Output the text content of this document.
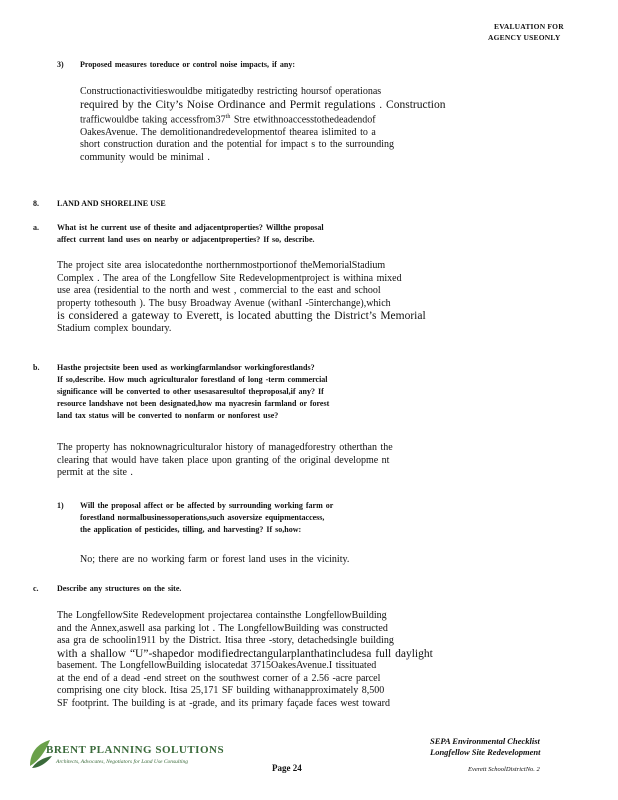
EVALUATION FOR
AGENCY USEONLY
3) Proposed measures toreduce or control noise impacts, if any:
Constructionactivitieswouldbe mitigatedby restricting hoursof operationas
required by the City’s Noise Ordinance and Permit regulations . Construction
trafficwouldbe taking accessfrom37th Stre etwithnoaccesstothedeadendof
OakesAvenue. The demolitionandredevelopmentof thearea islimited to a
short construction duration and the potential for impact s to the surrounding
community would be minimal .
8. LAND AND SHORELINE USE
a. What ist he current use of thesite and adjacentproperties? Willthe proposal
affect current land uses on nearby or adjacentproperties? If so, describe.
The project site area islocatedonthe northernmostportionof theMemorialStadium
Complex . The area of the Longfellow Site Redevelopmentproject is withina mixed
use area (residential to the north and west , commercial to the east and school
property tothesouth ). The busy Broadway Avenue (withanI -5interchange),which
is considered a gateway to Everett, is located abutting the District’s Memorial
Stadium complex boundary.
b. Hasthe projectsite been used as workingfarmlandsor workingforestlands?
If so,describe. How much agriculturalor forestland of long -term commercial
significance will be converted to other usesasaresultof theproposal,if any? If
resource landshave not been designated,how ma nyacresin farmland or forest
land tax status will be converted to nonfarm or nonforest use?
The property has noknownagriculturalor history of managedforestry otherthan the
clearing that would have taken place upon granting of the original developme nt
permit at the site .
1) Will the proposal affect or be affected by surrounding working farm or
forestland normalbusinessoperations,such asoversize equipmentaccess,
the application of pesticides, tilling, and harvesting? If so,how:
No; there are no working farm or forest land uses in the vicinity.
c. Describe any structures on the site.
The LongfellowSite Redevelopment projectarea containsthe LongfellowBuilding
and the Annex,aswell asa parking lot . The LongfellowBuilding was constructed
asa gra de schoolin1911 by the District. Itisa three -story, detachedsingle building
with a shallow “U”-shapedor modifiedrectangularplanthatincludesa full daylight
basement. The LongfellowBuilding islocatedat 3715OakesAvenue.I tissituated
at the end of a dead -end street on the southwest corner of a 2.56 -acre parcel
comprising one city block. Itisa 25,171 SF building withanapproximately 8,500
SF footprint. The building is at -grade, and its primary façade faces west toward
BRENT PLANNING SOLUTIONS
Architects, Advocates, Negotiators for Land Use Consulting
Page 24
SEPA Environmental Checklist
Longfellow Site Redevelopment
Everett SchoolDistrictNo. 2
